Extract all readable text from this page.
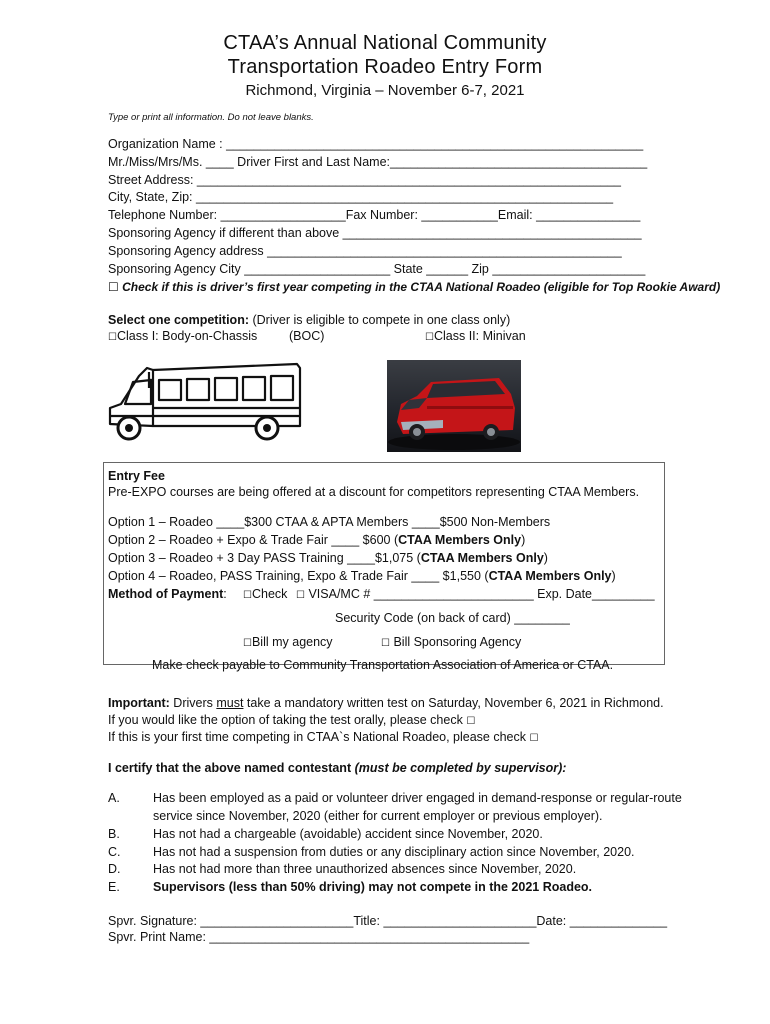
CTAA’s Annual National Community
Transportation Roadeo Entry Form
Richmond, Virginia – November 6-7, 2021
Type or print all information. Do not leave blanks.
Organization Name : ____________________________________________________________
Mr./Miss/Mrs/Ms. ____ Driver First and Last Name:_____________________________________
Street Address: _____________________________________________________________
City, State, Zip: ____________________________________________________________
Telephone Number: __________________Fax Number: ___________Email: _______________
Sponsoring Agency if different than above ___________________________________________
Sponsoring Agency address ___________________________________________________
Sponsoring Agency City _____________________ State ______ Zip ______________________
☐ Check if this is driver’s first year competing in the CTAA National Roadeo (eligible for Top Rookie Award)
Select one competition: (Driver is eligible to compete in one class only)
☐Class I: Body-on-Chassis	(BOC)	☐Class II: Minivan
Entry Fee
Pre-EXPO courses are being offered at a discount for competitors representing CTAA Members.
Option 1 – Roadeo ____$300 CTAA & APTA Members ____$500 Non-Members
Option 2 – Roadeo + Expo & Trade Fair ____ $600 (CTAA Members Only)
Option 3 – Roadeo + 3 Day PASS Training ____$1,075 (CTAA Members Only)
Option 4 – Roadeo, PASS Training, Expo & Trade Fair ____ $1,550 (CTAA Members Only)
Method of Payment: ☐Check ☐ VISA/MC # _______________________ Exp. Date_________
Security Code (on back of card) ________
☐Bill my agency	☐ Bill Sponsoring Agency
Make check payable to Community Transportation Association of America or CTAA.
Important: Drivers must take a mandatory written test on Saturday, November 6, 2021 in Richmond.
If you would like the option of taking the test orally, please check ☐
If this is your first time competing in CTAA`s National Roadeo, please check ☐
I certify that the above named contestant (must be completed by supervisor):
A.	Has been employed as a paid or volunteer driver engaged in demand-response or regular-route
service since November, 2020 (either for current employer or previous employer).
B.	Has not had a chargeable (avoidable) accident since November, 2020.
C.	Has not had a suspension from duties or any disciplinary action since November, 2020.
D.	Has not had more than three unauthorized absences since November, 2020.
E.	Supervisors (less than 50% driving) may not compete in the 2021 Roadeo.
Spvr. Signature: ______________________Title: ______________________Date: ______________
Spvr. Print Name: ______________________________________________
